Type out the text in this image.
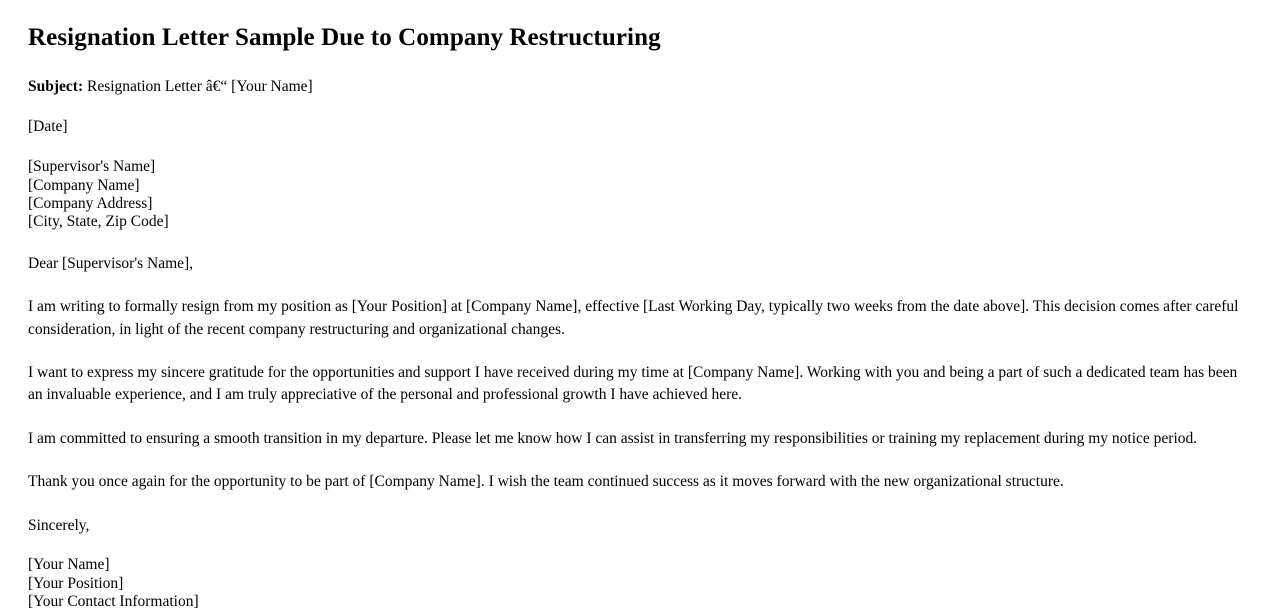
Resignation Letter Sample Due to Company Restructuring

Subject: Resignation Letter â€“ [Your Name]

[Date]

[Supervisor's Name]

[Company Name]

[Company Address]

[City, State, Zip Code]

Dear [Supervisor's Name],

I am writing to formally resign from my position as [Your Position] at [Company Name], effective [Last Working Day, typically two weeks from the date above]. This decision comes after careful consideration, in light of the recent company restructuring and organizational changes.

I want to express my sincere gratitude for the opportunities and support I have received during my time at [Company Name]. Working with you and being a part of such a dedicated team has been an invaluable experience, and I am truly appreciative of the personal and professional growth I have achieved here.

I am committed to ensuring a smooth transition in my departure. Please let me know how I can assist in transferring my responsibilities or training my replacement during my notice period.

Thank you once again for the opportunity to be part of [Company Name]. I wish the team continued success as it moves forward with the new organizational structure.

Sincerely,

[Your Name]

[Your Position]

[Your Contact Information]
